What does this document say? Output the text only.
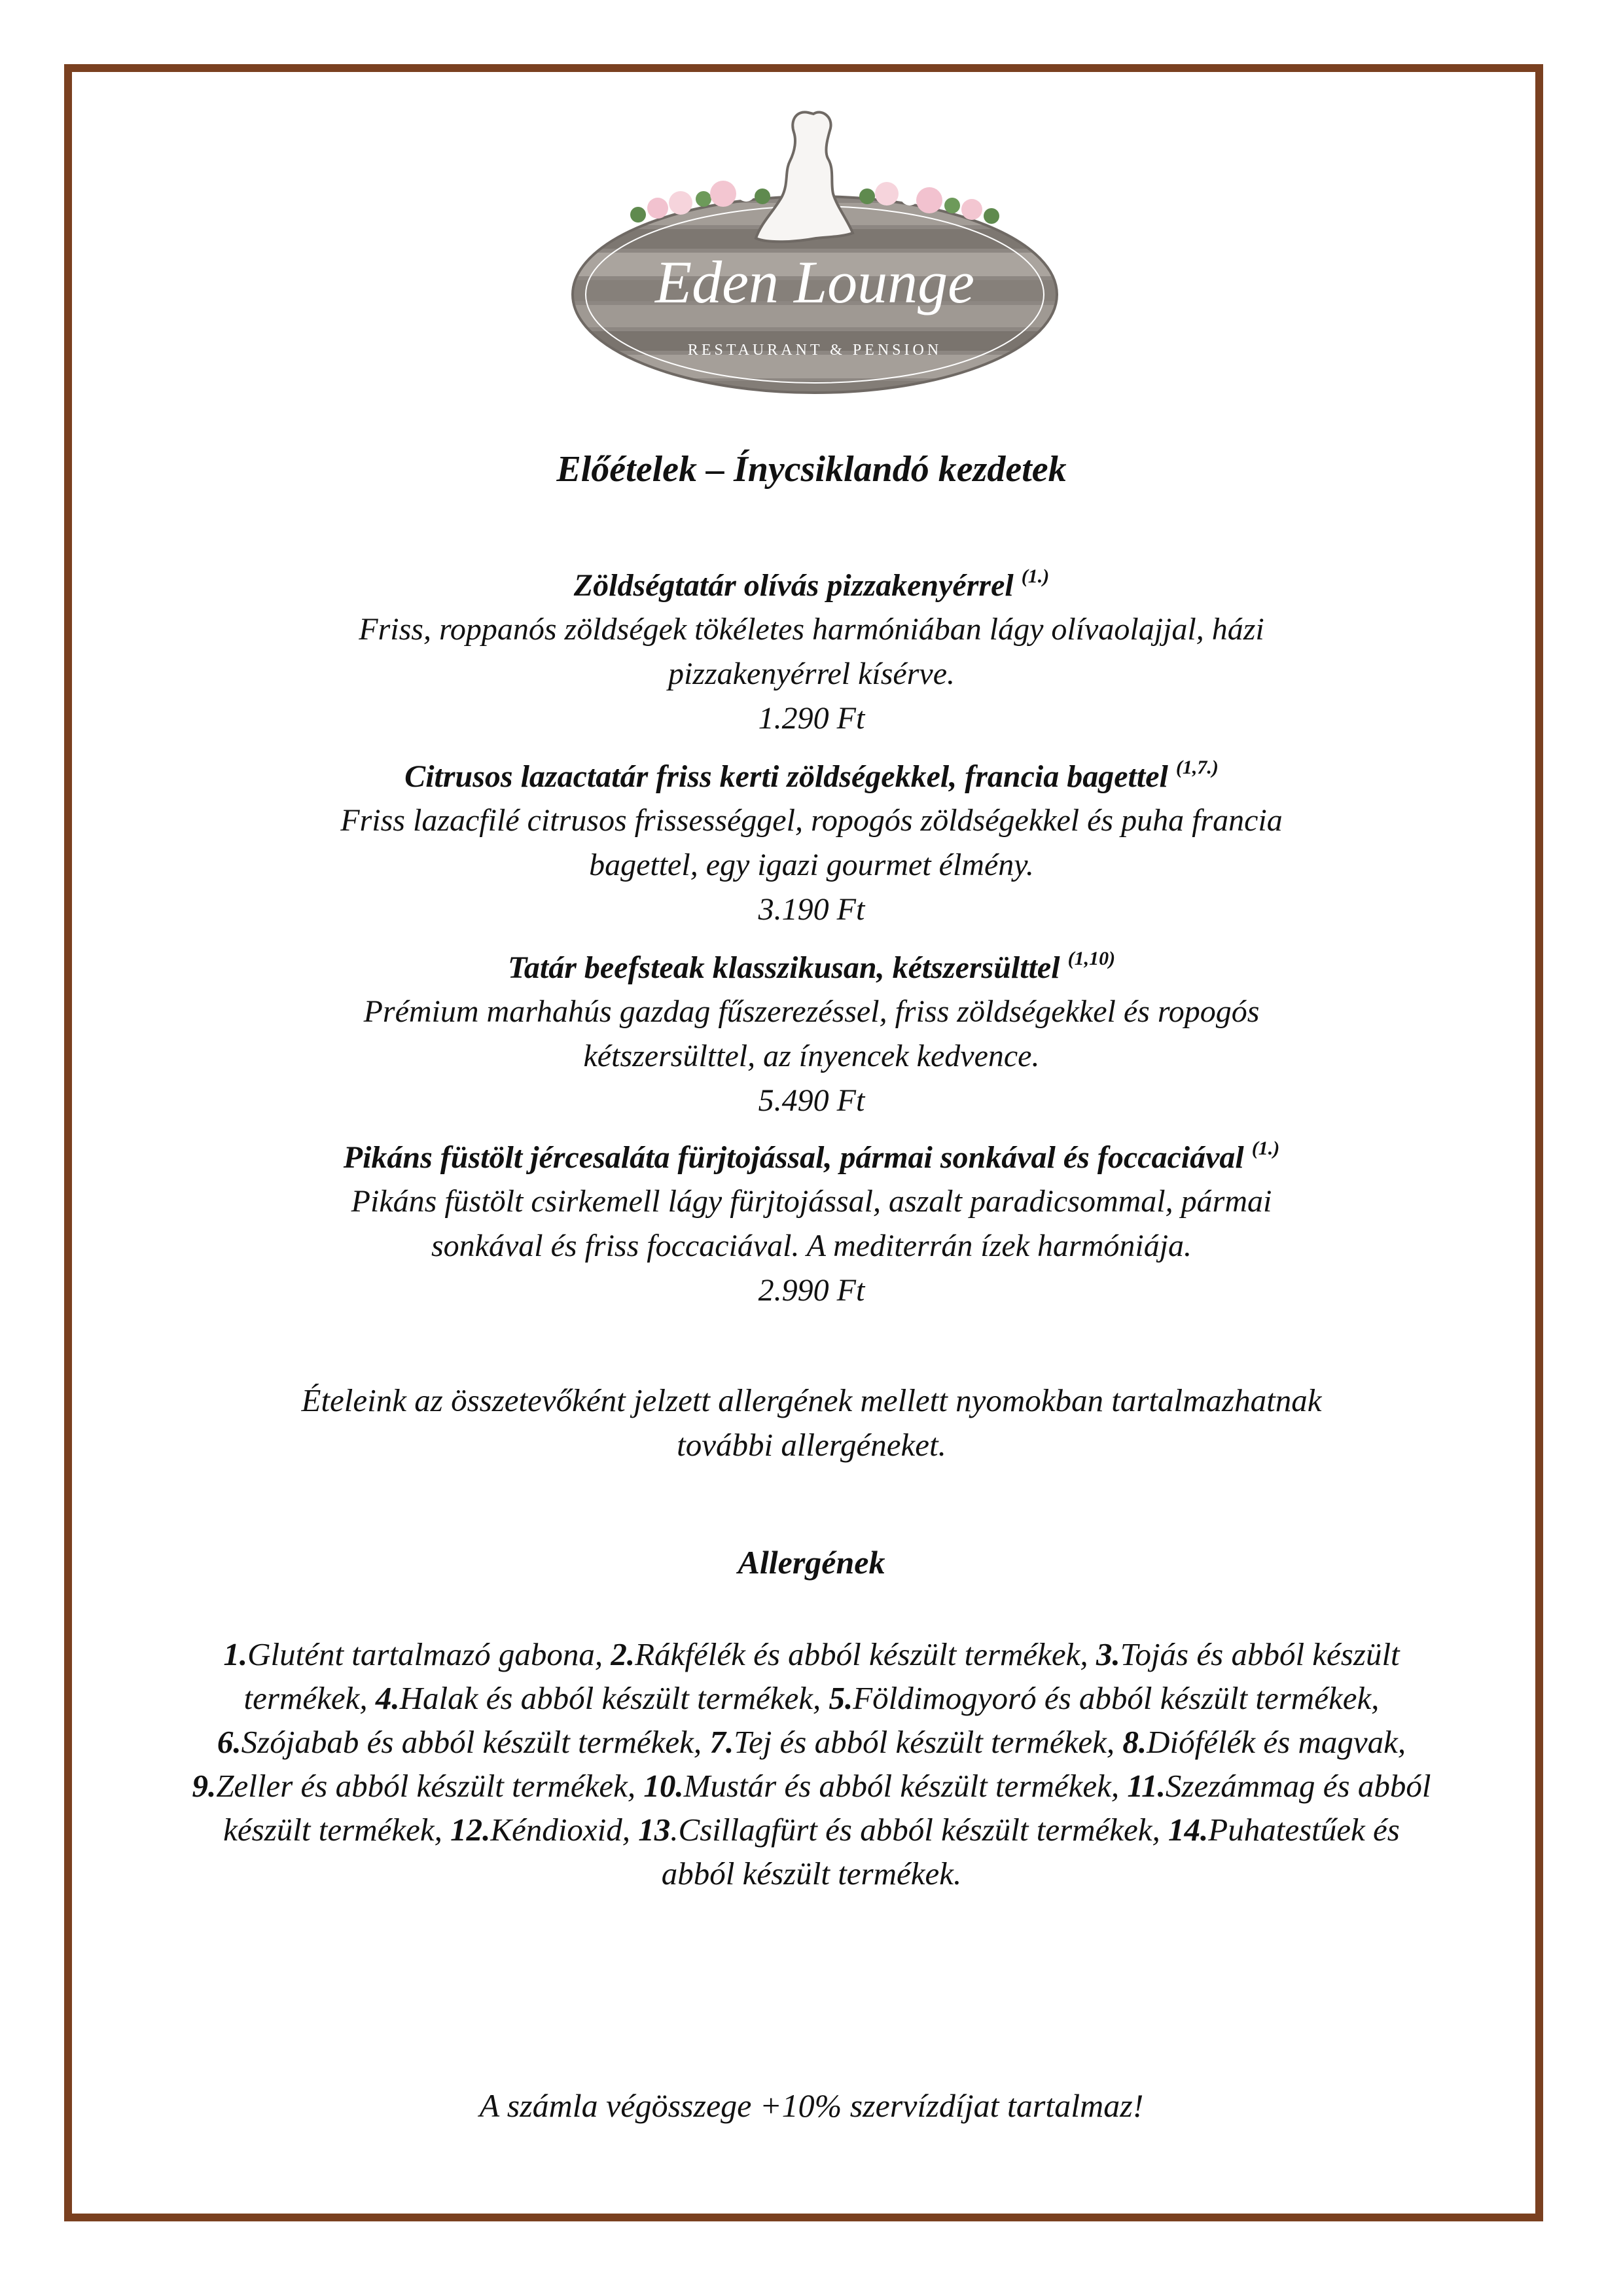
Eden Lounge
RESTAURANT & PENSION
Előételek – Ínycsiklandó kezdetek
Zöldségtatár olívás pizzakenyérrel $^{(1.)}$
Friss, roppanós zöldségek tökéletes harmóniában lágy olívaolajjal, házi
pizzakenyérrel kísérve.
1.290 Ft
Citrusos lazactatár friss kerti zöldségekkel, francia bagettel $^{(1,7.)}$
Friss lazacfilé citrusos frissességgel, ropogós zöldségekkel és puha francia
bagettel, egy igazi gourmet élmény.
3.190 Ft
Tatár beefsteak klasszikusan, kétszersülttel $^{(1,10)}$
Prémium marhahús gazdag fűszerezéssel, friss zöldségekkel és ropogós
kétszersülttel, az ínyencek kedvence.
5.490 Ft
Pikáns füstölt jércesaláta fürjtojással, pármai sonkával és foccaciával $^{(1.)}$
Pikáns füstölt csirkemell lágy fürjtojással, aszalt paradicsommal, pármai
sonkával és friss foccaciával. A mediterrán ízek harmóniája.
2.990 Ft
Ételeink az összetevőként jelzett allergének mellett nyomokban tartalmazhatnak
további allergéneket.
Allergének
1.Glutént tartalmazó gabona, 2.Rákfélék és abból készült termékek, 3.Tojás és abból készült termékek, 4.Halak és abból készült termékek, 5.Földimogyoró és abból készült termékek, 6.Szójabab és abból készült termékek, 7.Tej és abból készült termékek, 8.Diófélék és magvak, 9.Zeller és abból készült termékek, 10.Mustár és abból készült termékek, 11.Szezámmag és abból készült termékek, 12.Kéndioxid, 13.Csillagfürt és abból készült termékek, 14.Puhatestűek és abból készült termékek.
A számla végösszege +10% szervízdíjat tartalmaz!
